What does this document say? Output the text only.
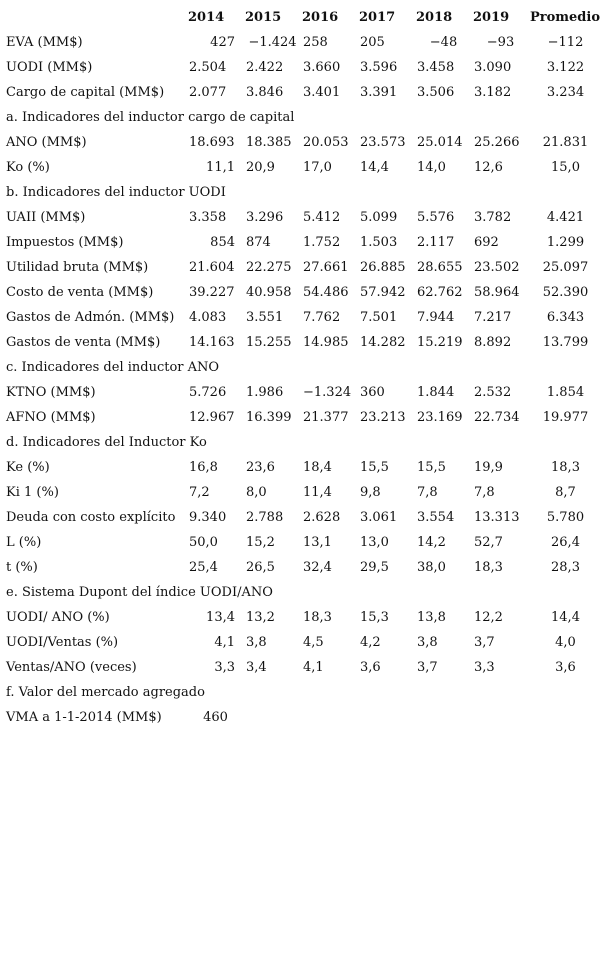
	2014	2015	2016	2017	2018	2019	Promedio
EVA (MM$)	427	−1.424	258	205	−48	−93	−112
UODI (MM$)	2.504	2.422	3.660	3.596	3.458	3.090	3.122
Cargo de capital (MM$)	2.077	3.846	3.401	3.391	3.506	3.182	3.234
a. Indicadores del inductor cargo de capital							
ANO (MM$)	18.693	18.385	20.053	23.573	25.014	25.266	21.831
Ko (%)	11,1	20,9	17,0	14,4	14,0	12,6	15,0
b. Indicadores del inductor UODI							
UAII (MM$)	3.358	3.296	5.412	5.099	5.576	3.782	4.421
Impuestos (MM$)	854	874	1.752	1.503	2.117	692	1.299
Utilidad bruta (MM$)	21.604	22.275	27.661	26.885	28.655	23.502	25.097
Costo de venta (MM$)	39.227	40.958	54.486	57.942	62.762	58.964	52.390
Gastos de Admón. (MM$)	4.083	3.551	7.762	7.501	7.944	7.217	6.343
Gastos de venta (MM$)	14.163	15.255	14.985	14.282	15.219	8.892	13.799
c. Indicadores del inductor ANO							
KTNO (MM$)	5.726	1.986	−1.324	360	1.844	2.532	1.854
AFNO (MM$)	12.967	16.399	21.377	23.213	23.169	22.734	19.977
d. Indicadores del Inductor Ko							
Ke (%)	16,8	23,6	18,4	15,5	15,5	19,9	18,3
Ki 1 (%)	7,2	8,0	11,4	9,8	7,8	7,8	8,7
Deuda con costo explícito	9.340	2.788	2.628	3.061	3.554	13.313	5.780
L (%)	50,0	15,2	13,1	13,0	14,2	52,7	26,4
t (%)	25,4	26,5	32,4	29,5	38,0	18,3	28,3
e. Sistema Dupont del índice UODI/ANO							
UODI/ ANO (%)	13,4	13,2	18,3	15,3	13,8	12,2	14,4
UODI/Ventas (%)	4,1	3,8	4,5	4,2	3,8	3,7	4,0
Ventas/ANO (veces)	3,3	3,4	4,1	3,6	3,7	3,3	3,6
f. Valor del mercado agregado							
VMA a 1-1-2014 (MM$)	460						
